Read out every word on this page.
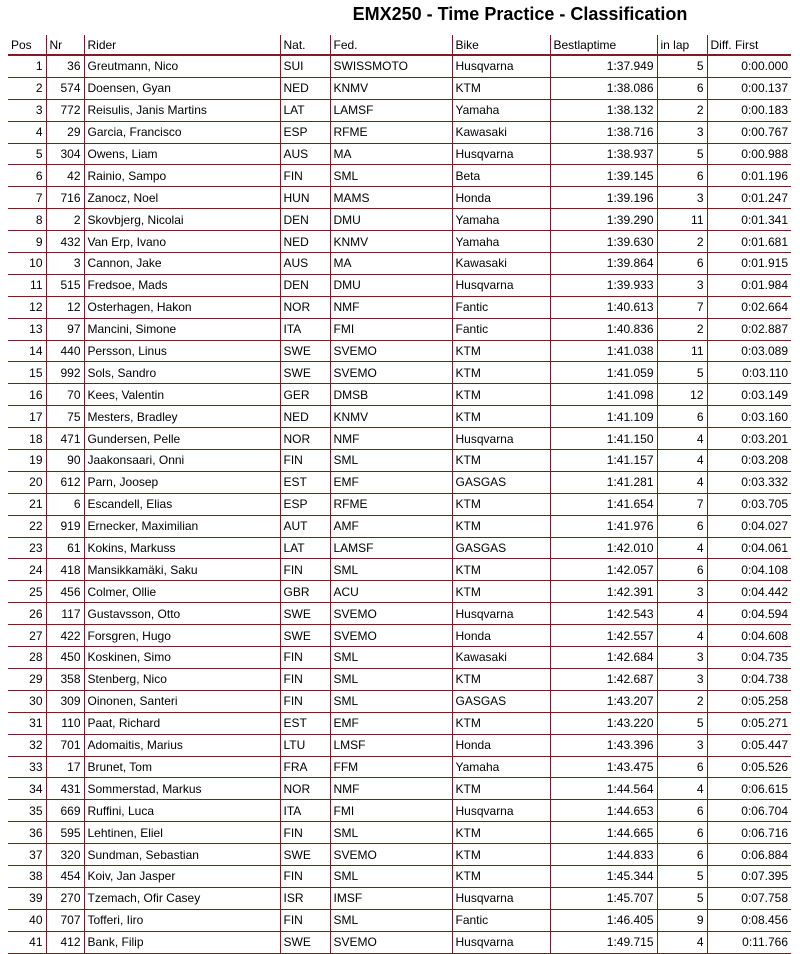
EMX250 - Time Practice - Classification
Pos	Nr	Rider	Nat.	Fed.	Bike	Bestlaptime	in lap	Diff. First
1	36	Greutmann, Nico	SUI	SWISSMOTO	Husqvarna	1:37.949	5	0:00.000
2	574	Doensen, Gyan	NED	KNMV	KTM	1:38.086	6	0:00.137
3	772	Reisulis, Janis Martins	LAT	LAMSF	Yamaha	1:38.132	2	0:00.183
4	29	Garcia, Francisco	ESP	RFME	Kawasaki	1:38.716	3	0:00.767
5	304	Owens, Liam	AUS	MA	Husqvarna	1:38.937	5	0:00.988
6	42	Rainio, Sampo	FIN	SML	Beta	1:39.145	6	0:01.196
7	716	Zanocz, Noel	HUN	MAMS	Honda	1:39.196	3	0:01.247
8	2	Skovbjerg, Nicolai	DEN	DMU	Yamaha	1:39.290	11	0:01.341
9	432	Van Erp, Ivano	NED	KNMV	Yamaha	1:39.630	2	0:01.681
10	3	Cannon, Jake	AUS	MA	Kawasaki	1:39.864	6	0:01.915
11	515	Fredsoe, Mads	DEN	DMU	Husqvarna	1:39.933	3	0:01.984
12	12	Osterhagen, Hakon	NOR	NMF	Fantic	1:40.613	7	0:02.664
13	97	Mancini, Simone	ITA	FMI	Fantic	1:40.836	2	0:02.887
14	440	Persson, Linus	SWE	SVEMO	KTM	1:41.038	11	0:03.089
15	992	Sols, Sandro	SWE	SVEMO	KTM	1:41.059	5	0:03.110
16	70	Kees, Valentin	GER	DMSB	KTM	1:41.098	12	0:03.149
17	75	Mesters, Bradley	NED	KNMV	KTM	1:41.109	6	0:03.160
18	471	Gundersen, Pelle	NOR	NMF	Husqvarna	1:41.150	4	0:03.201
19	90	Jaakonsaari, Onni	FIN	SML	KTM	1:41.157	4	0:03.208
20	612	Parn, Joosep	EST	EMF	GASGAS	1:41.281	4	0:03.332
21	6	Escandell, Elias	ESP	RFME	KTM	1:41.654	7	0:03.705
22	919	Ernecker, Maximilian	AUT	AMF	KTM	1:41.976	6	0:04.027
23	61	Kokins, Markuss	LAT	LAMSF	GASGAS	1:42.010	4	0:04.061
24	418	Mansikkamäki, Saku	FIN	SML	KTM	1:42.057	6	0:04.108
25	456	Colmer, Ollie	GBR	ACU	KTM	1:42.391	3	0:04.442
26	117	Gustavsson, Otto	SWE	SVEMO	Husqvarna	1:42.543	4	0:04.594
27	422	Forsgren, Hugo	SWE	SVEMO	Honda	1:42.557	4	0:04.608
28	450	Koskinen, Simo	FIN	SML	Kawasaki	1:42.684	3	0:04.735
29	358	Stenberg, Nico	FIN	SML	KTM	1:42.687	3	0:04.738
30	309	Oinonen, Santeri	FIN	SML	GASGAS	1:43.207	2	0:05.258
31	110	Paat, Richard	EST	EMF	KTM	1:43.220	5	0:05.271
32	701	Adomaitis, Marius	LTU	LMSF	Honda	1:43.396	3	0:05.447
33	17	Brunet, Tom	FRA	FFM	Yamaha	1:43.475	6	0:05.526
34	431	Sommerstad, Markus	NOR	NMF	KTM	1:44.564	4	0:06.615
35	669	Ruffini, Luca	ITA	FMI	Husqvarna	1:44.653	6	0:06.704
36	595	Lehtinen, Eliel	FIN	SML	KTM	1:44.665	6	0:06.716
37	320	Sundman, Sebastian	SWE	SVEMO	KTM	1:44.833	6	0:06.884
38	454	Koiv, Jan Jasper	FIN	SML	KTM	1:45.344	5	0:07.395
39	270	Tzemach, Ofir Casey	ISR	IMSF	Husqvarna	1:45.707	5	0:07.758
40	707	Tofferi, Iiro	FIN	SML	Fantic	1:46.405	9	0:08.456
41	412	Bank, Filip	SWE	SVEMO	Husqvarna	1:49.715	4	0:11.766
